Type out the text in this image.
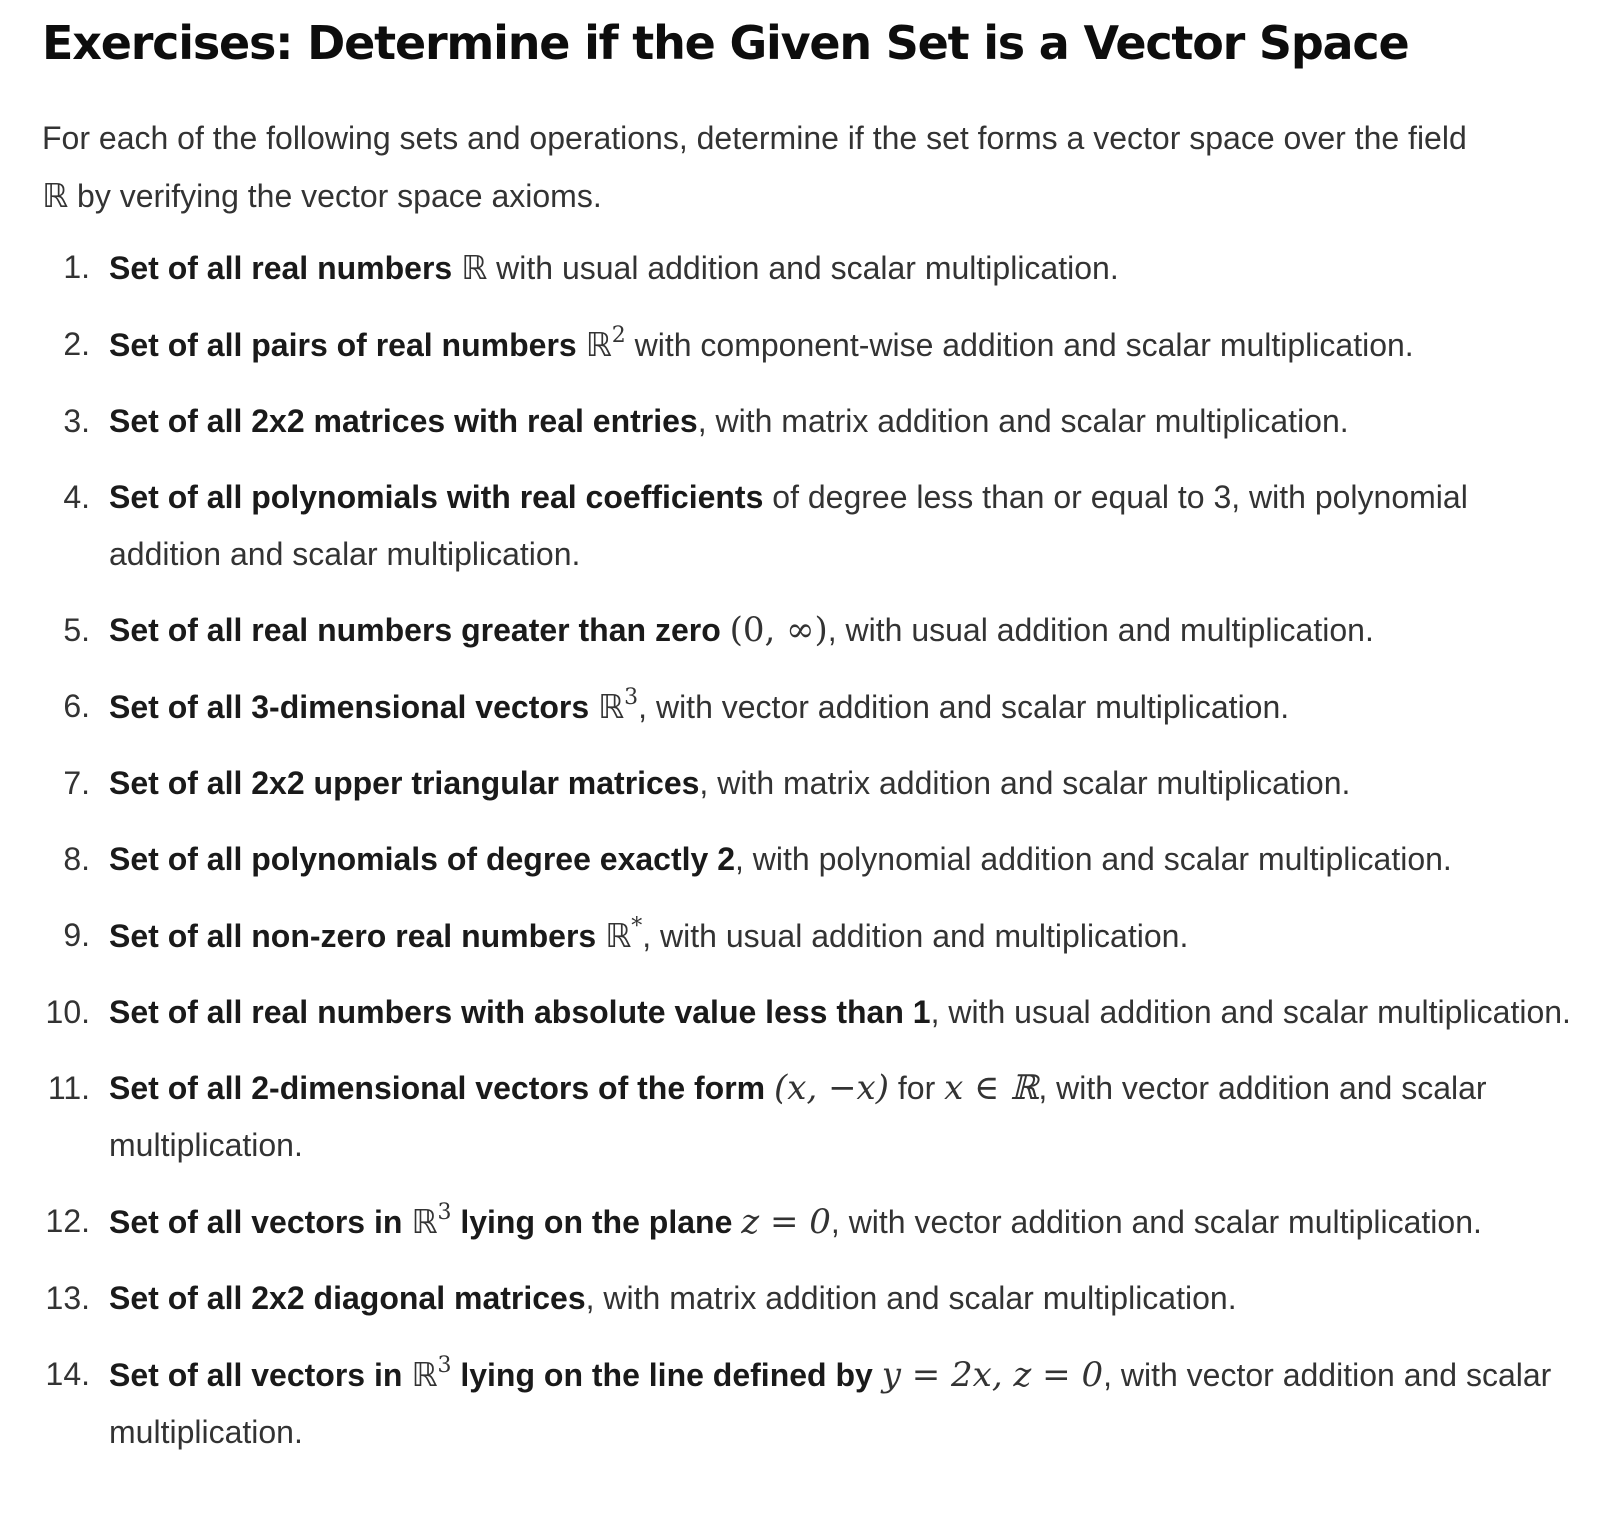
Exercises: Determine if the Given Set is a Vector Space

For each of the following sets and operations, determine if the set forms a vector space over the field
ℝ by verifying the vector space axioms.

1. Set of all real numbers ℝ with usual addition and scalar multiplication.
2. Set of all pairs of real numbers ℝ$^2$ with component-wise addition and scalar multiplication.
3. Set of all 2x2 matrices with real entries, with matrix addition and scalar multiplication.
4. Set of all polynomials with real coefficients of degree less than or equal to 3, with polynomial addition and scalar multiplication.
5. Set of all real numbers greater than zero (0, ∞), with usual addition and multiplication.
6. Set of all 3-dimensional vectors ℝ$^3$, with vector addition and scalar multiplication.
7. Set of all 2x2 upper triangular matrices, with matrix addition and scalar multiplication.
8. Set of all polynomials of degree exactly 2, with polynomial addition and scalar multiplication.
9. Set of all non-zero real numbers ℝ*, with usual addition and multiplication.
10. Set of all real numbers with absolute value less than 1, with usual addition and scalar multiplication.
11. Set of all 2-dimensional vectors of the form (x, −x) for x ∈ ℝ, with vector addition and scalar multiplication.
12. Set of all vectors in ℝ$^3$ lying on the plane z = 0, with vector addition and scalar multiplication.
13. Set of all 2x2 diagonal matrices, with matrix addition and scalar multiplication.
14. Set of all vectors in ℝ$^3$ lying on the line defined by y = 2x, z = 0, with vector addition and scalar multiplication.
